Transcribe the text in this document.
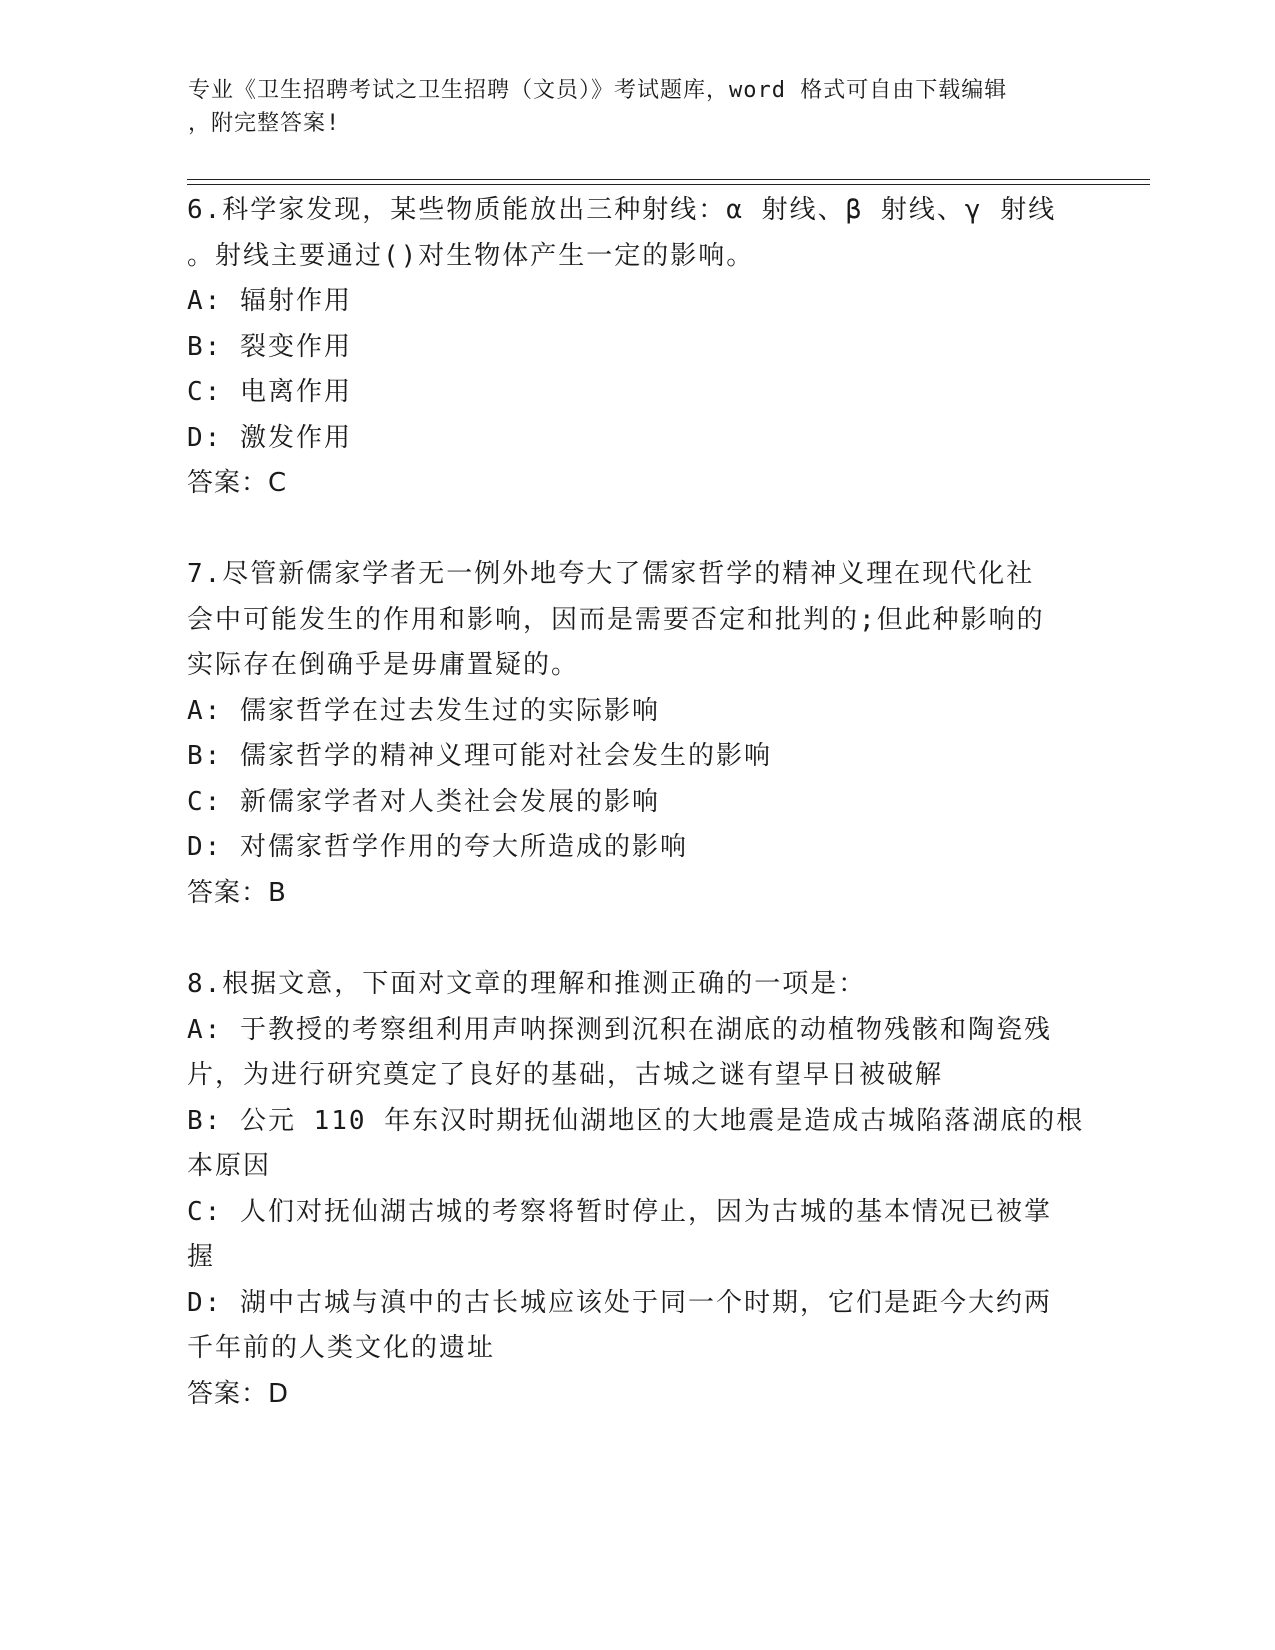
专业《卫生招聘考试之卫生招聘（文员）》考试题库，word 格式可自由下载编辑
，附完整答案!

6.科学家发现，某些物质能放出三种射线：α 射线、β 射线、γ 射线

。射线主要通过()对生物体产生一定的影响。

A: 辐射作用

B: 裂变作用

C: 电离作用

D: 激发作用

答案：C

7.尽管新儒家学者无一例外地夸大了儒家哲学的精神义理在现代化社

会中可能发生的作用和影响，因而是需要否定和批判的;但此种影响的

实际存在倒确乎是毋庸置疑的。

A: 儒家哲学在过去发生过的实际影响

B: 儒家哲学的精神义理可能对社会发生的影响

C: 新儒家学者对人类社会发展的影响

D: 对儒家哲学作用的夸大所造成的影响

答案：B

8.根据文意，下面对文章的理解和推测正确的一项是：

A: 于教授的考察组利用声呐探测到沉积在湖底的动植物残骸和陶瓷残

片，为进行研究奠定了良好的基础，古城之谜有望早日被破解

B: 公元 110 年东汉时期抚仙湖地区的大地震是造成古城陷落湖底的根

本原因

C: 人们对抚仙湖古城的考察将暂时停止，因为古城的基本情况已被掌

握

D: 湖中古城与滇中的古长城应该处于同一个时期，它们是距今大约两

千年前的人类文化的遗址

答案：D
